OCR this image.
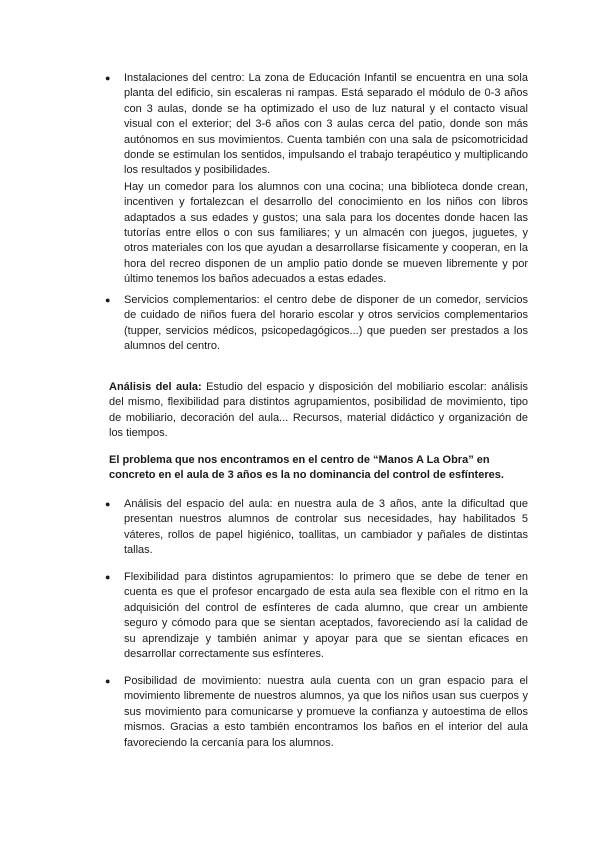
● Instalaciones del centro: La zona de Educación Infantil se encuentra en una sola planta del edificio, sin escaleras ni rampas. Está separado el módulo de 0-3 años con 3 aulas, donde se ha optimizado el uso de luz natural y el contacto visual visual con el exterior; del 3-6 años con 3 aulas cerca del patio, donde son más autónomos en sus movimientos. Cuenta también con una sala de psicomotricidad donde se estimulan los sentidos, impulsando el trabajo terapéutico y multiplicando los resultados y posibilidades.

Hay un comedor para los alumnos con una cocina; una biblioteca donde crean, incentiven y fortalezcan el desarrollo del conocimiento en los niños con libros adaptados a sus edades y gustos; una sala para los docentes donde hacen las tutorías entre ellos o con sus familiares; y un almacén con juegos, juguetes, y otros materiales con los que ayudan a desarrollarse físicamente y cooperan, en la hora del recreo disponen de un amplio patio donde se mueven libremente y por último tenemos los baños adecuados a estas edades.

● Servicios complementarios: el centro debe de disponer de un comedor, servicios de cuidado de niños fuera del horario escolar y otros servicios complementarios (tupper, servicios médicos, psicopedagógicos...) que pueden ser prestados a los alumnos del centro.

Análisis del aula: Estudio del espacio y disposición del mobiliario escolar: análisis del mismo, flexibilidad para distintos agrupamientos, posibilidad de movimiento, tipo de mobiliario, decoración del aula... Recursos, material didáctico y organización de los tiempos.
El problema que nos encontramos en el centro de “Manos A La Obra” en concreto en el aula de 3 años es la no dominancia del control de esfínteres.
● Análisis del espacio del aula: en nuestra aula de 3 años, ante la dificultad que presentan nuestros alumnos de controlar sus necesidades, hay habilitados 5 váteres, rollos de papel higiénico, toallitas, un cambiador y pañales de distintas tallas.

● Flexibilidad para distintos agrupamientos: lo primero que se debe de tener en cuenta es que el profesor encargado de esta aula sea flexible con el ritmo en la adquisición del control de esfínteres de cada alumno, que crear un ambiente seguro y cómodo para que se sientan aceptados, favoreciendo así la calidad de su aprendizaje y también animar y apoyar para que se sientan eficaces en desarrollar correctamente sus esfínteres.

● Posibilidad de movimiento: nuestra aula cuenta con un gran espacio para el movimiento libremente de nuestros alumnos, ya que los niños usan sus cuerpos y sus movimiento para comunicarse y promueve la confianza y autoestima de ellos mismos. Gracias a esto también encontramos los baños en el interior del aula favoreciendo la cercanía para los alumnos.
